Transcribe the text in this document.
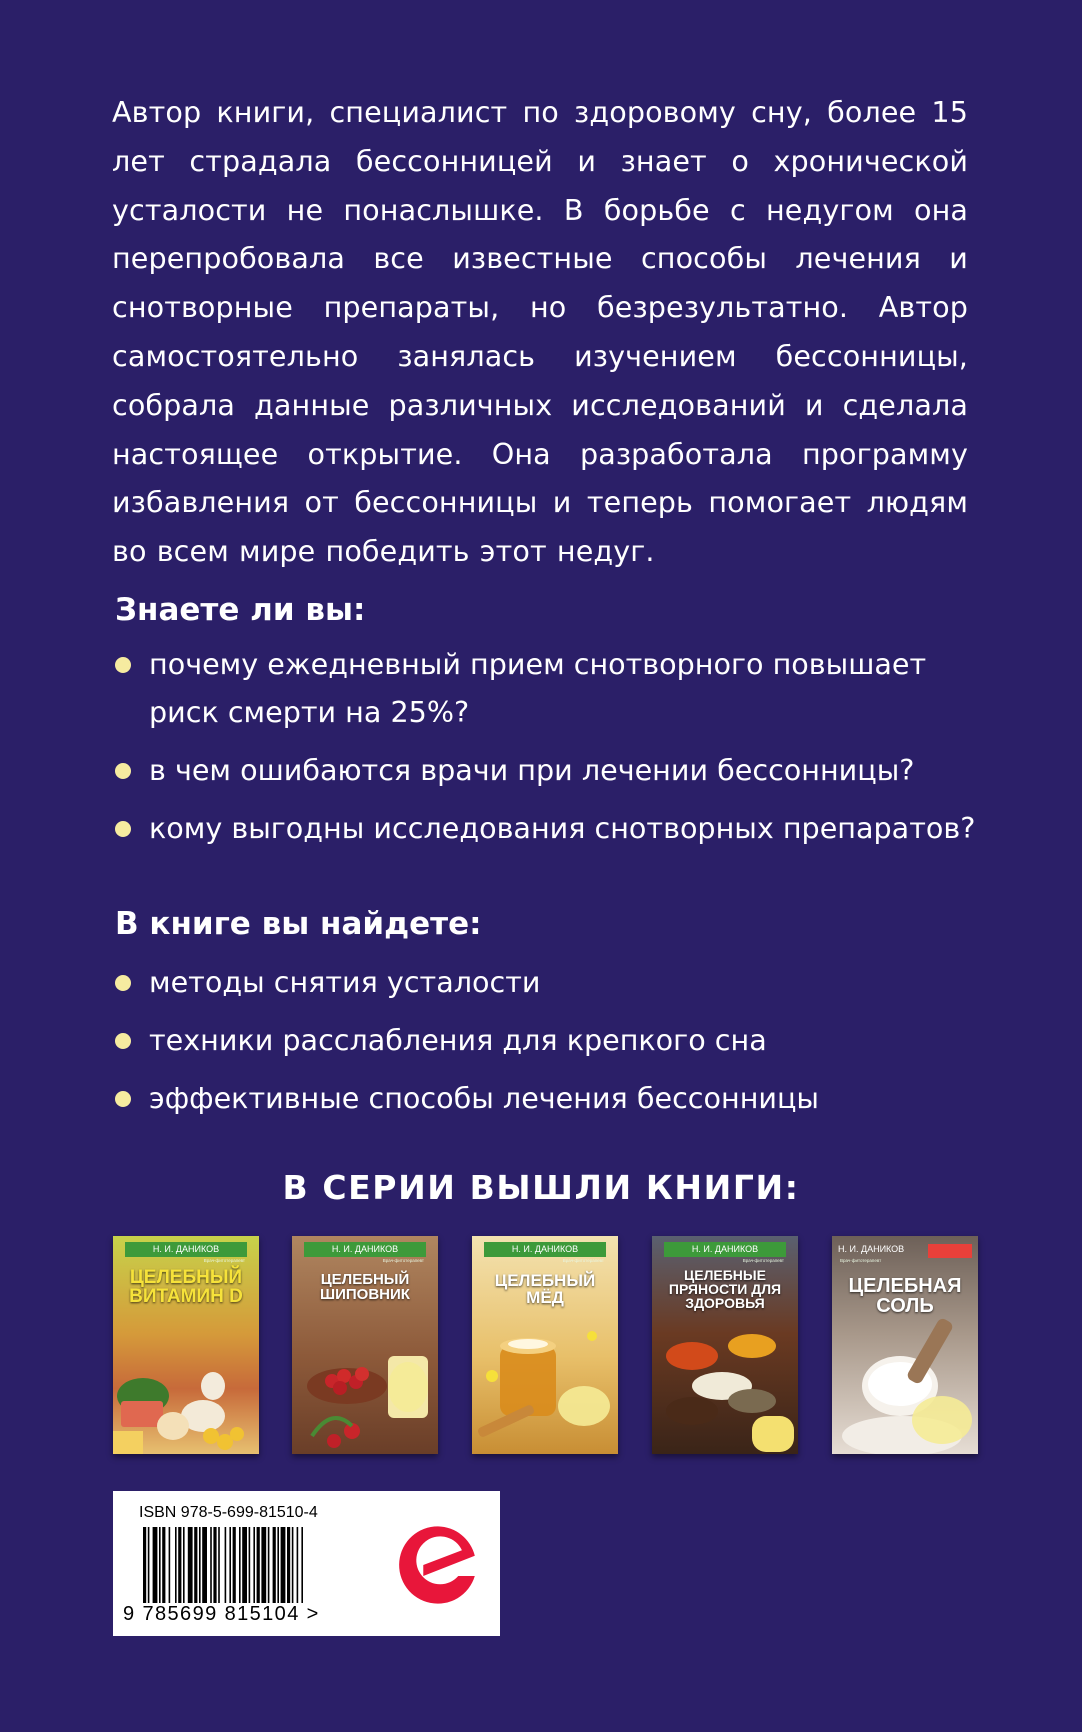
Автор книги, специалист по здоровому сну, более 15 лет страдала бессонницей и знает о хронической усталости не понаслышке. В борьбе с недугом она перепробовала все известные способы лечения и снотворные препараты, но безрезультатно. Автор самостоятельно занялась изучением бессонницы, собрала данные различных исследований и сделала настоящее открытие. Она разработала программу избавления от бессонницы и теперь помогает людям во всем мире победить этот недуг.

Знаете ли вы:
почему ежедневный прием снотворного повышает риск смерти на 25%?
в чем ошибаются врачи при лечении бессонницы?
кому выгодны исследования снотворных препаратов?
В книге вы найдете:
методы снятия усталости
техники расслабления для крепкого сна
эффективные способы лечения бессонницы
В СЕРИИ ВЫШЛИ КНИГИ:
Н. И. ДАНИКОВ
Врач-фитотерапевт
ЦЕЛЕБНЫЙ ВИТАМИН D
Н. И. ДАНИКОВ
Врач-фитотерапевт
ЦЕЛЕБНЫЙ ШИПОВНИК
Н. И. ДАНИКОВ
Врач-фитотерапевт
ЦЕЛЕБНЫЙ МЁД
Н. И. ДАНИКОВ
Врач-фитотерапевт
ЦЕЛЕБНЫЕ ПРЯНОСТИ ДЛЯ ЗДОРОВЬЯ
Н. И. ДАНИКОВ
Врач-фитотерапевт
ЦЕЛЕБНАЯ СОЛЬ
ISBN 978-5-699-81510-4
9 785699 815104 >
